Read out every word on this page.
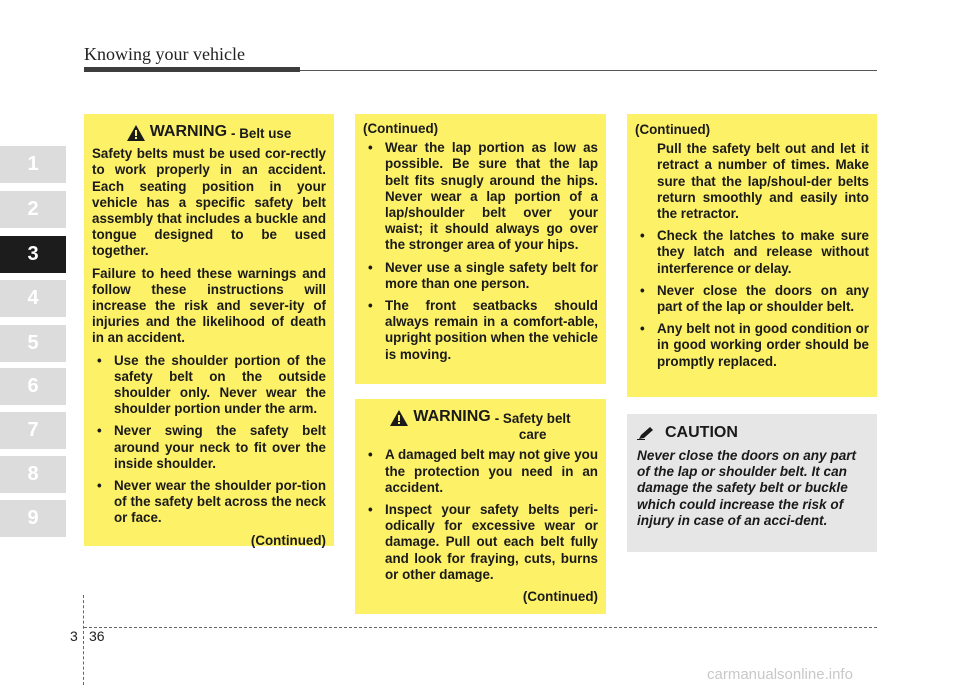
Knowing your vehicle
1
2
3
4
5
6
7
8
9
WARNING - Belt use

Safety belts must be used cor-rectly to work properly in an accident. Each seating position in your vehicle has a specific safety belt assembly that includes a buckle and tongue designed to be used together.

Failure to heed these warnings and follow these instructions will increase the risk and sever-ity of injuries and the likelihood of death in an accident.

• Use the shoulder portion of the safety belt on the outside shoulder only. Never wear the shoulder portion under the arm.
• Never swing the safety belt around your neck to fit over the inside shoulder.
• Never wear the shoulder por-tion of the safety belt across the neck or face.
(Continued)

(Continued)

• Wear the lap portion as low as possible. Be sure that the lap belt fits snugly around the hips. Never wear a lap portion of a lap/shoulder belt over your waist; it should always go over the stronger area of your hips.
• Never use a single safety belt for more than one person.
• The front seatbacks should always remain in a comfort-able, upright position when the vehicle is moving.
WARNING - Safety belt
care
• A damaged belt may not give you the protection you need in an accident.
• Inspect your safety belts peri-odically for excessive wear or damage. Pull out each belt fully and look for fraying, cuts, burns or other damage.
(Continued)

(Continued)

Pull the safety belt out and let it retract a number of times. Make sure that the lap/shoul-der belts return smoothly and easily into the retractor.
• Check the latches to make sure they latch and release without interference or delay.
• Never close the doors on any part of the lap or shoulder belt.
• Any belt not in good condition or in good working order should be promptly replaced.
CAUTION
Never close the doors on any part of the lap or shoulder belt. It can damage the safety belt or buckle which could increase the risk of injury in case of an acci-dent.
3 36
carmanualsonline.info
